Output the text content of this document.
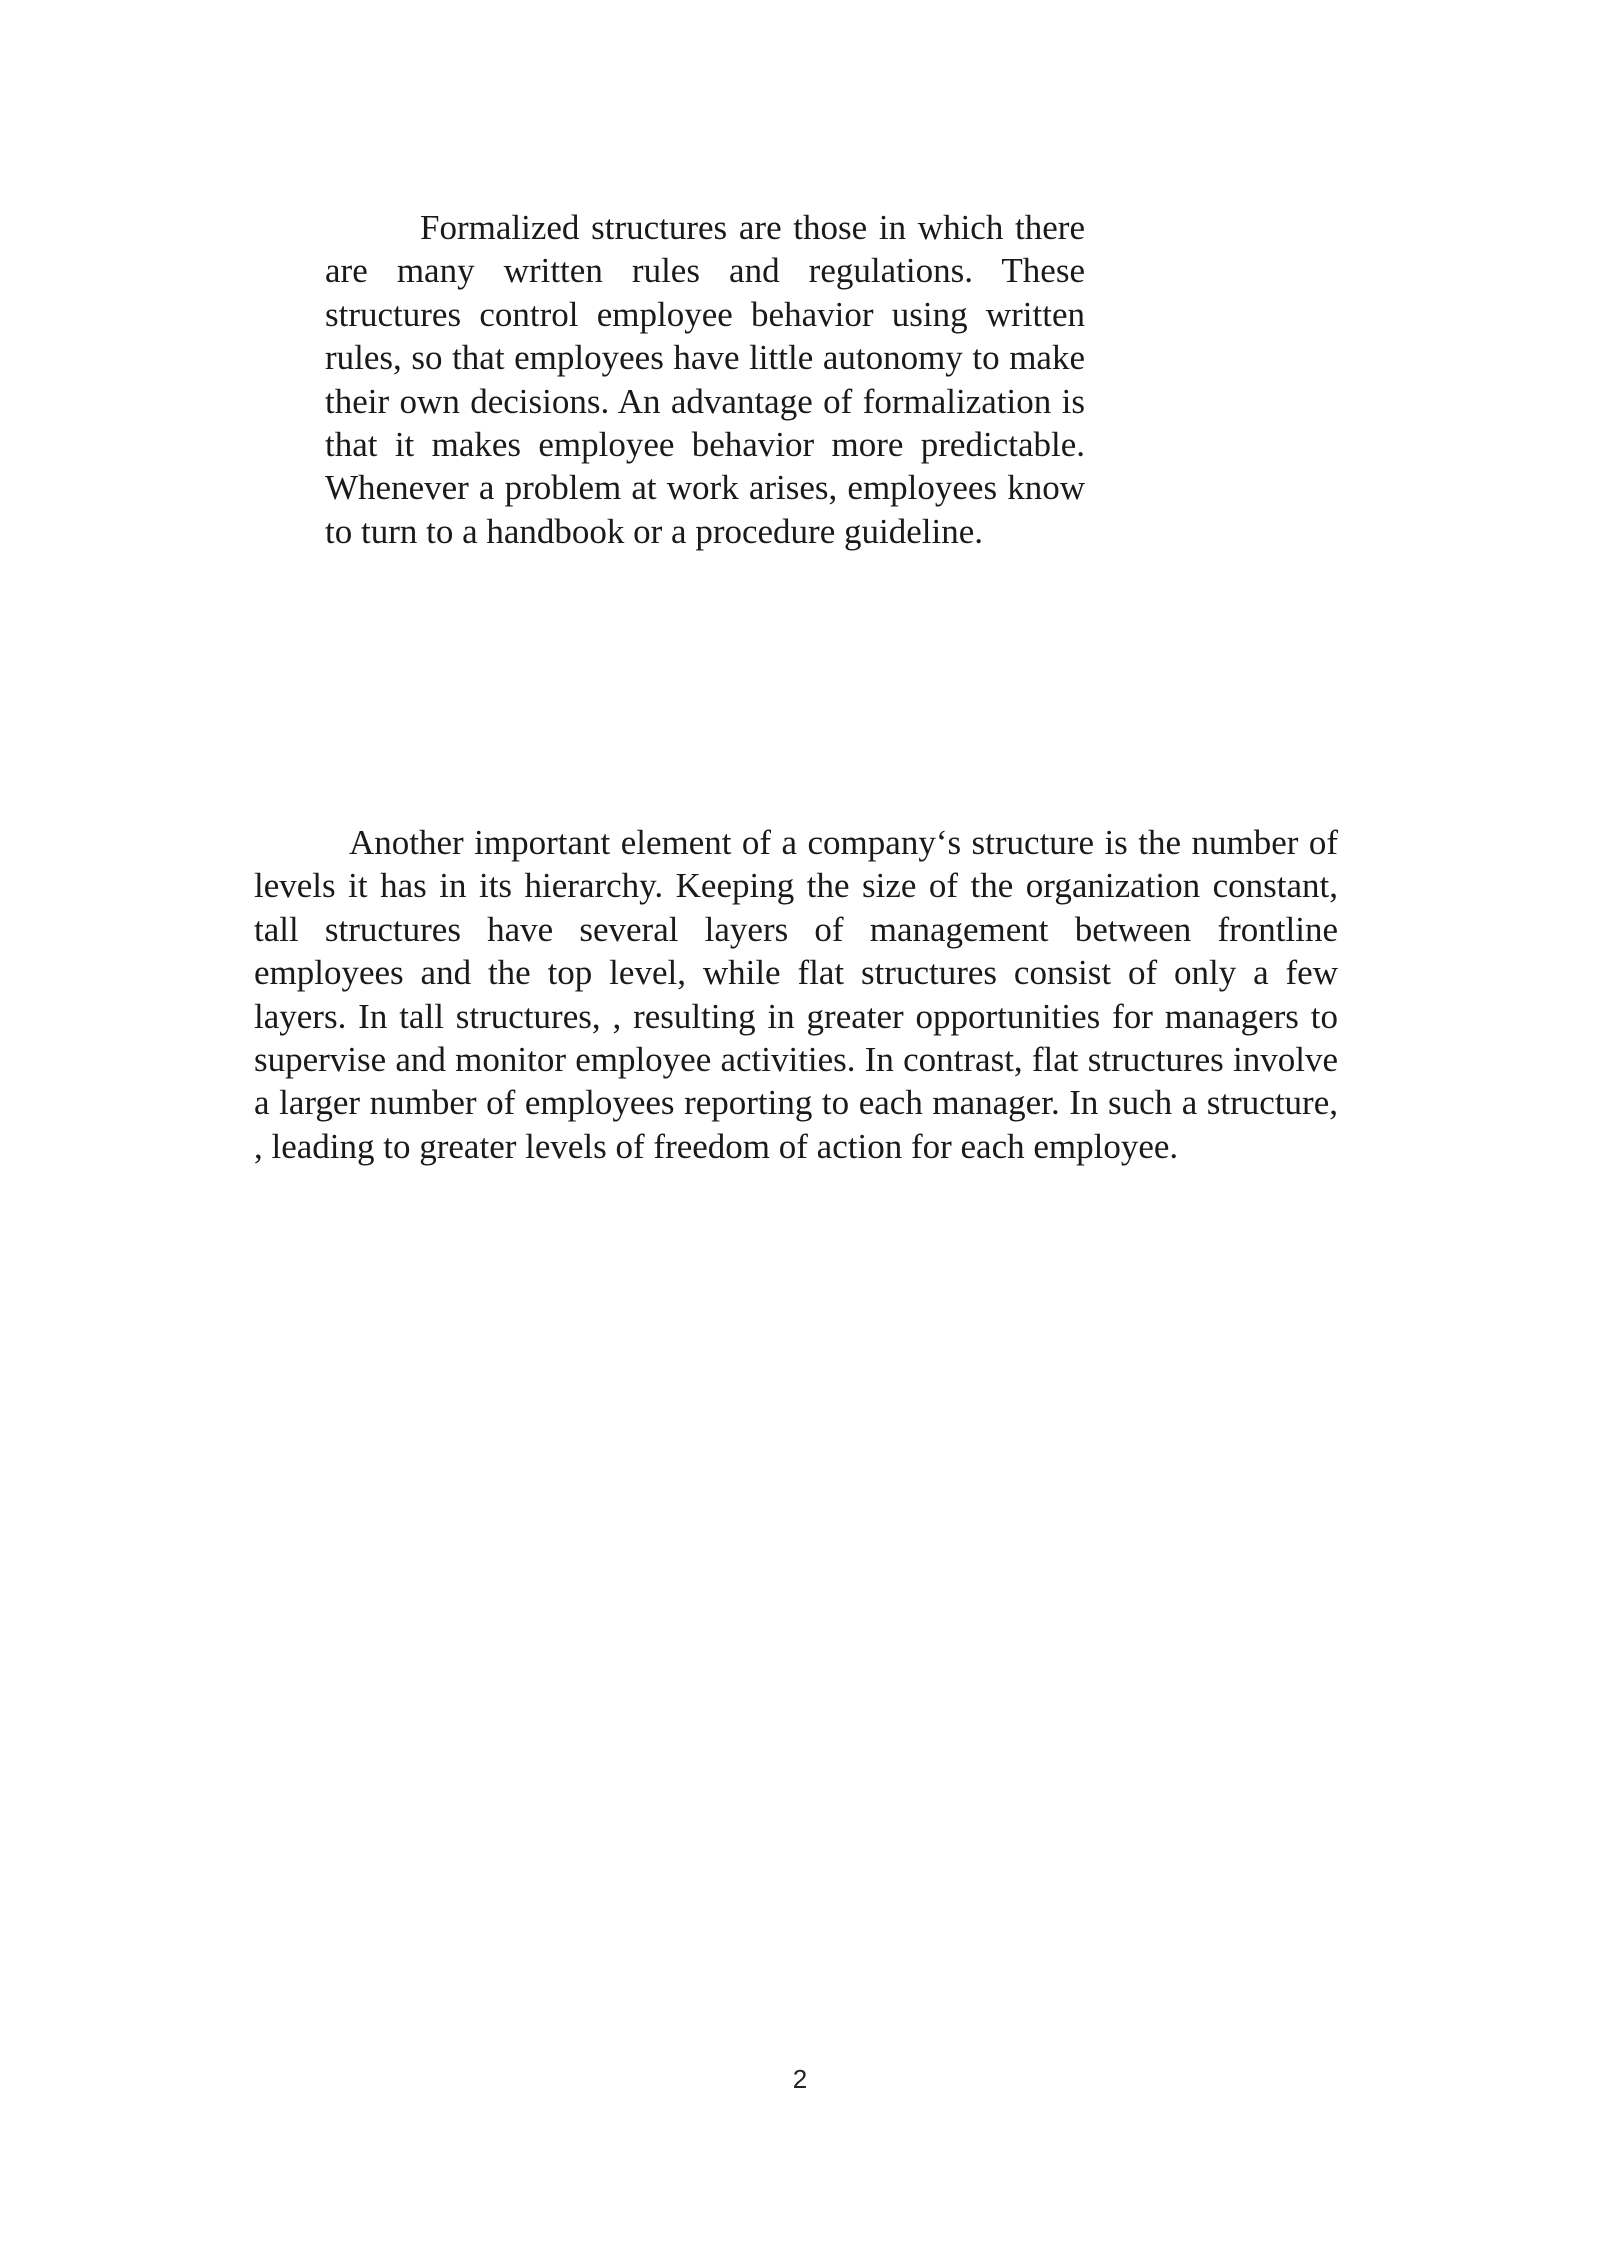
Formalized structures are those in which there are many written rules and regulations. These structures control employee behavior using written rules, so that employees have little autonomy to make their own decisions. An advantage of formalization is that it makes employee behavior more predictable. Whenever a problem at work arises, employees know to turn to a handbook or a procedure guideline.

Another important element of a company‘s structure is the number of levels it has in its hierarchy. Keeping the size of the organization constant, tall structures have several layers of management between frontline employees and the top level, while flat structures consist of only a few layers. In tall structures, , resulting in greater opportunities for managers to supervise and monitor employee activities. In contrast, flat structures involve a larger number of employees reporting to each manager. In such a structure, , leading to greater levels of freedom of action for each employee.

2
